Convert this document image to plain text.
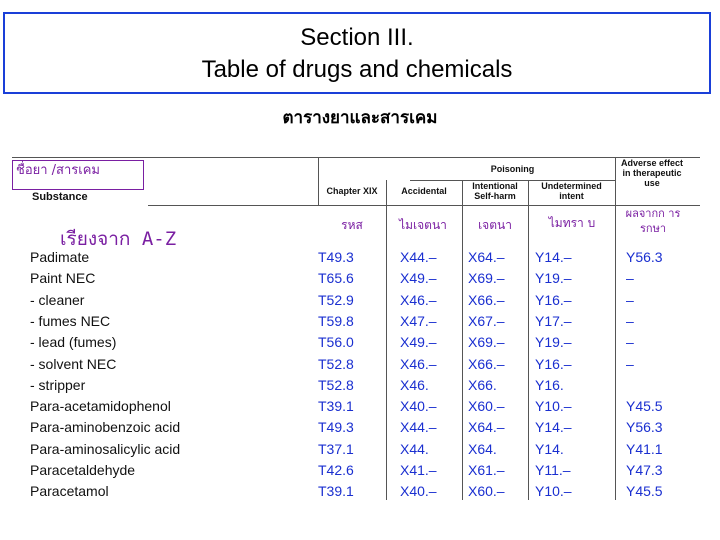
Section III.
Table of drugs and chemicals
ตารางยาและสารเคม
ชื่อยา /สารเคม
Substance
เรียงจาก A-Z
Poisoning
Adverse effect in therapeutic use
Chapter XIX	Accidental	Intentional Self-harm
Undetermined intent
รหส	ไมเจตนา	เจตนา	ไมทรา บ
ผลจากก ารรกษา
Padimate	T49.3	X44.– X64.– Y14.–	Y56.3
Paint NEC	T65.6	X49.– X69.– Y19.–	–
- cleaner	T52.9	X46.– X66.– Y16.–	–
- fumes NEC	T59.8	X47.– X67.– Y17.–	–
- lead (fumes)	T56.0	X49.– X69.– Y19.–	–
- solvent NEC	T52.8	X46.– X66.– Y16.–	–
- stripper	T52.8	X46.	X66.	Y16.
Para-acetamidophenol	T39.1	X40.– X60.– Y10.–	Y45.5
Para-aminobenzoic acid	T49.3	X44.– X64.– Y14.–	Y56.3
Para-aminosalicylic acid	T37.1	X44.	X64.	Y14.	Y41.1
Paracetaldehyde	T42.6	X41.– X61.– Y11.–	Y47.3
Paracetamol	T39.1	X40.– X60.– Y10.–	Y45.5
